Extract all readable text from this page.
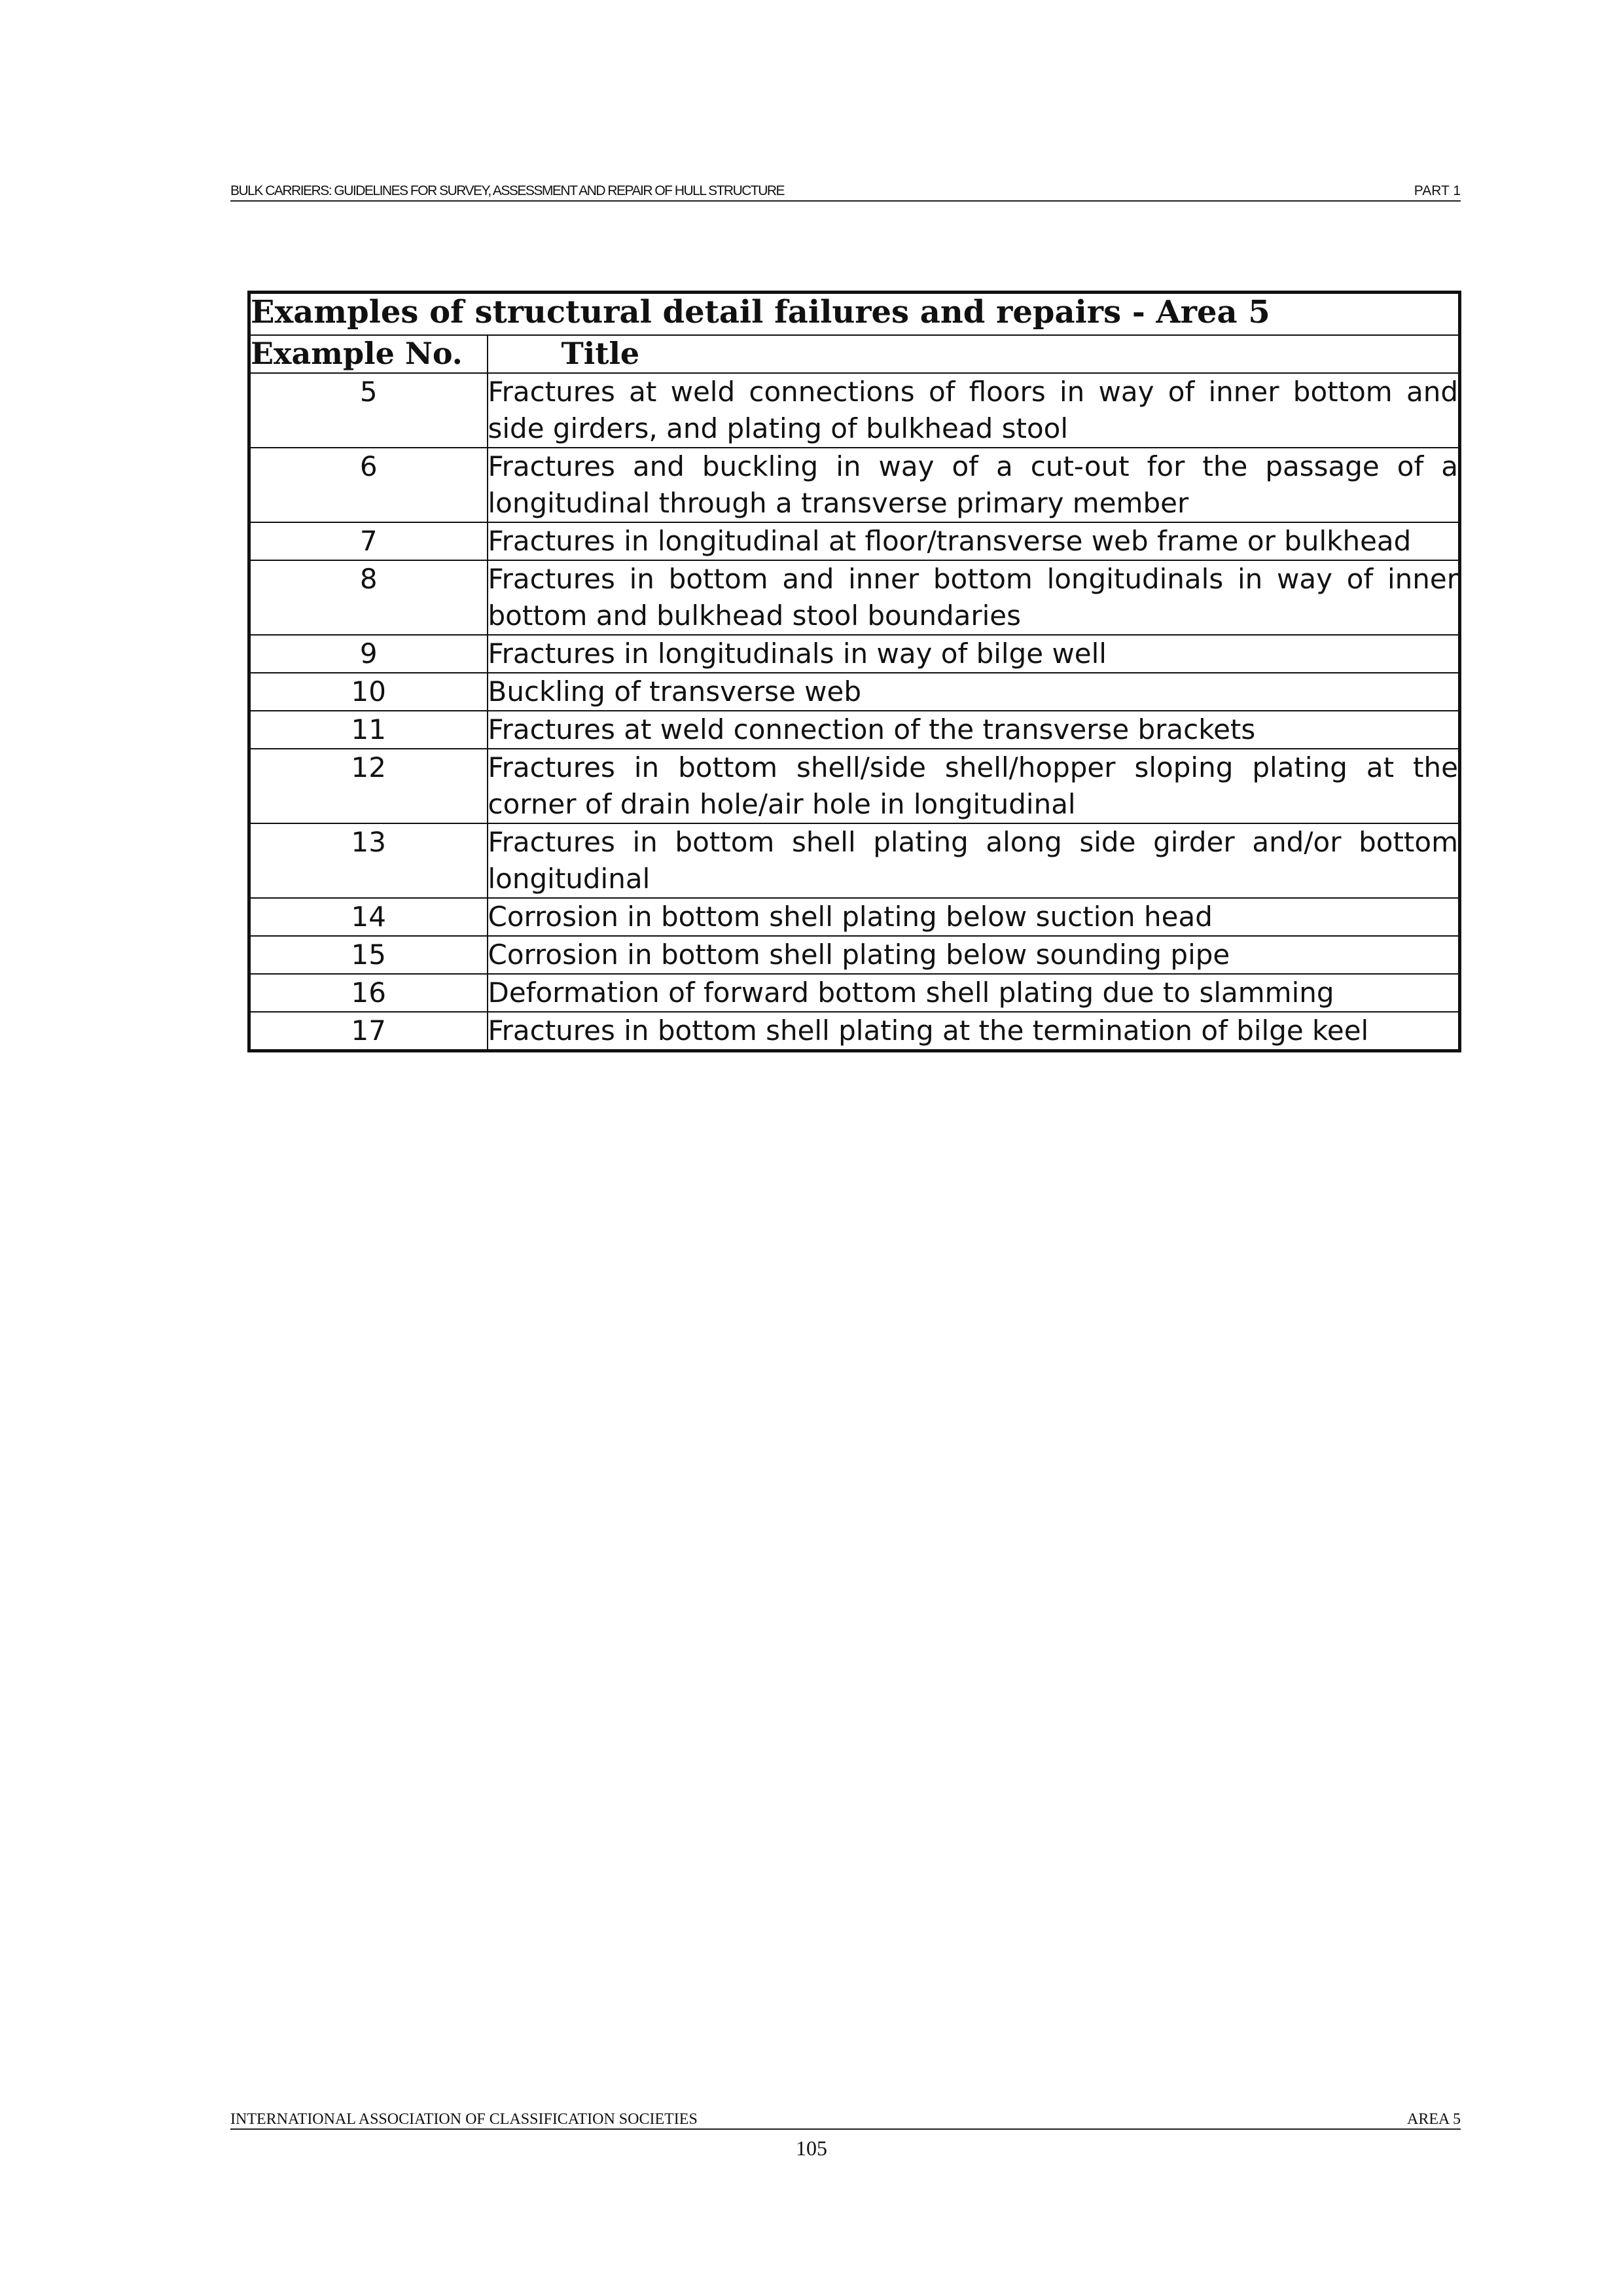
BULK CARRIERS: GUIDELINES FOR SURVEY, ASSESSMENT AND REPAIR OF HULL STRUCTURE	PART 1
Examples of structural detail failures and repairs - Area 5	
Example No.	Title
5	Fractures at weld connections of floors in way of inner bottom and side girders, and plating of bulkhead stool
6	Fractures and buckling in way of a cut-out for the passage of a longitudinal through a transverse primary member
7	Fractures in longitudinal at floor/transverse web frame or bulkhead
8	Fractures in bottom and inner bottom longitudinals in way of inner bottom and bulkhead stool boundaries
9	Fractures in longitudinals in way of bilge well
10	Buckling of transverse web
11	Fractures at weld connection of the transverse brackets
12	Fractures in bottom shell/side shell/hopper sloping plating at the corner of drain hole/air hole in longitudinal
13	Fractures in bottom shell plating along side girder and/or bottom longitudinal
14	Corrosion in bottom shell plating below suction head
15	Corrosion in bottom shell plating below sounding pipe
16	Deformation of forward bottom shell plating due to slamming
17	Fractures in bottom shell plating at the termination of bilge keel
INTERNATIONAL ASSOCIATION OF CLASSIFICATION SOCIETIES	AREA 5
105
